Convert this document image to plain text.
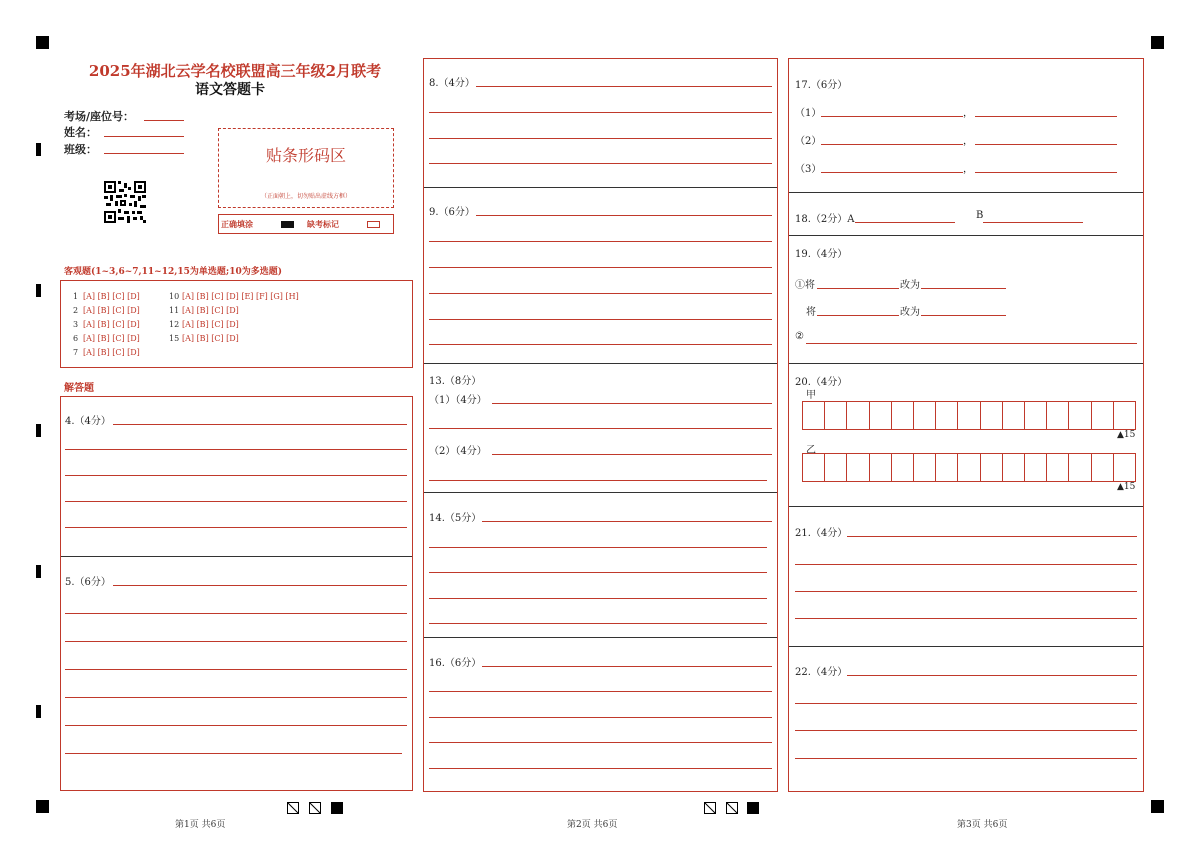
2025年湖北云学名校联盟高三年级2月联考
语文答题卡
考场/座位号：
姓名：
班级：	贴条形码区
（正面朝上，切勿贴出虚线方框）
正确填涂	缺考标记
客观题(1~3,6~7,11~12,15为单选题;10为多选题)
1 [A] [B] [C] [D]
2 [A] [B] [C] [D]
3 [A] [B] [C] [D]
6 [A] [B] [C] [D]
7 [A] [B] [C] [D]
10 [A] [B] [C] [D] [E] [F] [G] [H]
11 [A] [B] [C] [D]
12 [A] [B] [C] [D]
15 [A] [B] [C] [D]
解答题
4.（4分）
5.（6分）
8.（4分）
9.（6分）
13.（8分）
（1）（4分）
（2）（4分）
14.（5分）
16.（6分）
17.（6分）
（1）	，
（2）	，
（3）	，
18.（2分）A	B
19.（4分）
①将	改为
将	改为
②
20.（4分）
甲
▲15
乙
▲15
21.（4分）
22.（4分）
第1页 共6页	第2页 共6页	第3页 共6页
